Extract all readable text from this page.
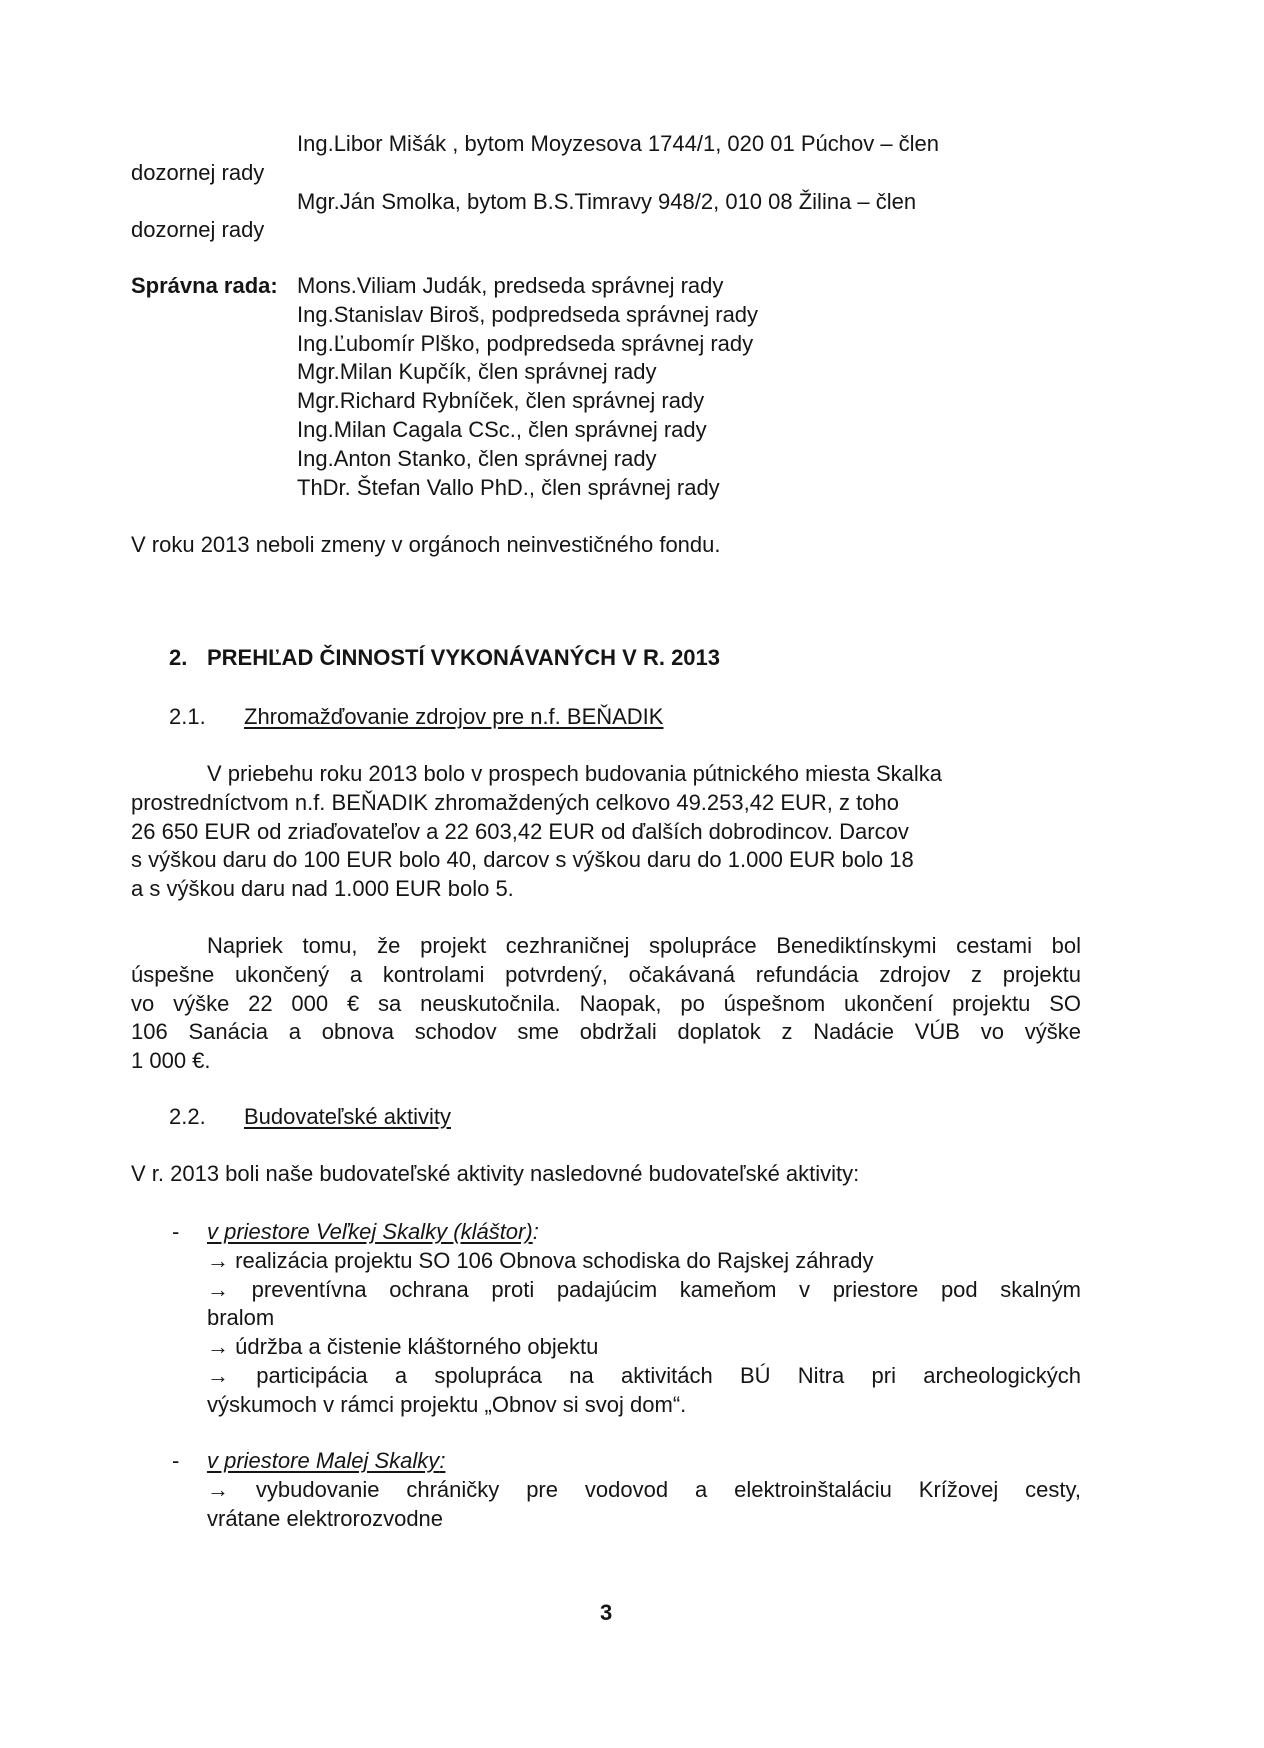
Ing.Libor Mišák , bytom Moyzesova 1744/1, 020 01 Púchov – člen
dozornej rady
Mgr.Ján Smolka, bytom B.S.Timravy 948/2, 010 08 Žilina – člen
dozornej rady
Správna rada: Mons.Viliam Judák, predseda správnej rady
Ing.Stanislav Biroš, podpredseda správnej rady
Ing.Ľubomír Plško, podpredseda správnej rady
Mgr.Milan Kupčík, člen správnej rady
Mgr.Richard Rybníček, člen správnej rady
Ing.Milan Cagala CSc., člen správnej rady
Ing.Anton Stanko, člen správnej rady
ThDr. Štefan Vallo PhD., člen správnej rady
V roku 2013 neboli zmeny v orgánoch neinvestičného fondu.
2. PREHĽAD ČINNOSTÍ VYKONÁVANÝCH V R. 2013
2.1. Zhromažďovanie zdrojov pre n.f. BEŇADIK
V priebehu roku 2013 bolo v prospech budovania pútnického miesta Skalka
prostredníctvom n.f. BEŇADIK zhromaždených celkovo 49.253,42 EUR, z toho
26 650 EUR od zriaďovateľov a 22 603,42 EUR od ďalších dobrodincov. Darcov
s výškou daru do 100 EUR bolo 40, darcov s výškou daru do 1.000 EUR bolo 18
a s výškou daru nad 1.000 EUR bolo 5.
Napriek tomu, že projekt cezhraničnej spolupráce Benediktínskymi cestami bol
úspešne ukončený a kontrolami potvrdený, očakávaná refundácia zdrojov z projektu
vo výške 22 000 € sa neuskutočnila. Naopak, po úspešnom ukončení projektu SO
106 Sanácia a obnova schodov sme obdržali doplatok z Nadácie VÚB vo výške
1 000 €.
2.2. Budovateľské aktivity
V r. 2013 boli naše budovateľské aktivity nasledovné budovateľské aktivity:
- v priestore Veľkej Skalky (kláštor):
→ realizácia projektu SO 106 Obnova schodiska do Rajskej záhrady
→ preventívna ochrana proti padajúcim kameňom v priestore pod skalným
bralom
→ údržba a čistenie kláštorného objektu
→ participácia a spolupráca na aktivitách BÚ Nitra pri archeologických
výskumoch v rámci projektu „Obnov si svoj dom“.
- v priestore Malej Skalky:
→ vybudovanie chráničky pre vodovod a elektroinštaláciu Krížovej cesty,
vrátane elektrorozvodne
3
